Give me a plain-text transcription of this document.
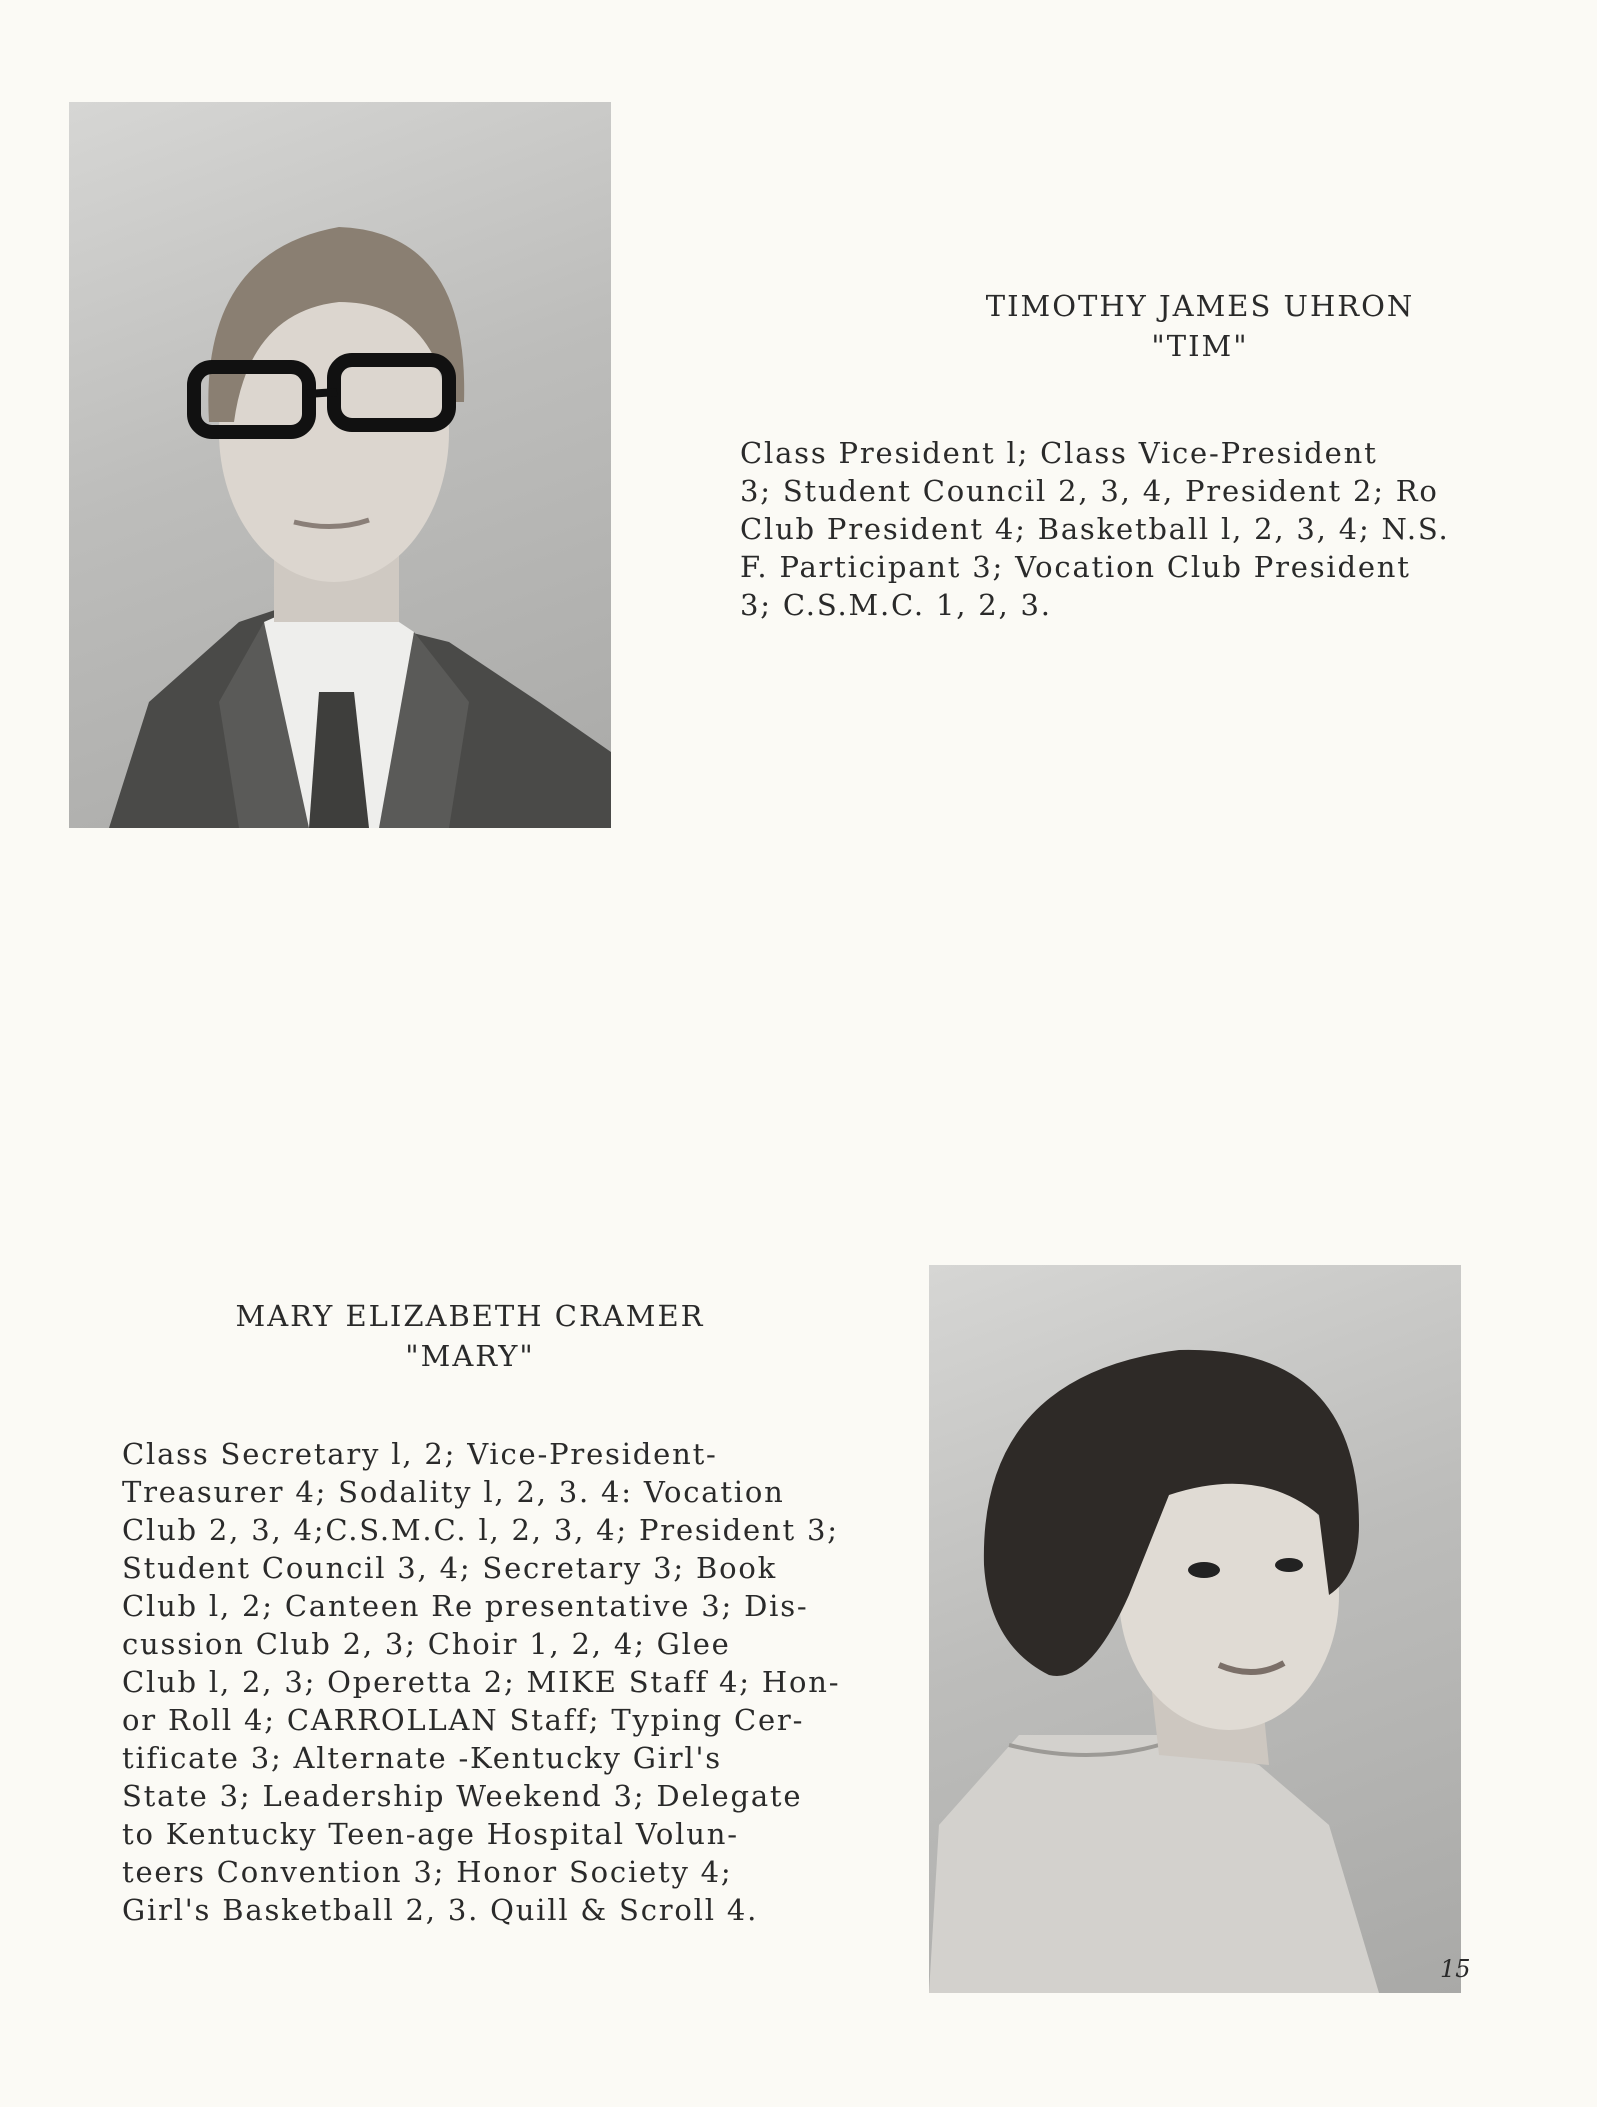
TIMOTHY JAMES UHRON
"TIM"
Class President l; Class Vice-President
3; Student Council 2, 3, 4, President 2; Ro
Club President 4; Basketball l, 2, 3, 4; N.S.
F. Participant 3; Vocation Club President
3; C.S.M.C. 1, 2, 3.
MARY ELIZABETH CRAMER
"MARY"
Class Secretary l, 2; Vice-President-
Treasurer 4; Sodality l, 2, 3. 4: Vocation
Club 2, 3, 4;C.S.M.C. l, 2, 3, 4; President 3;
Student Council 3, 4; Secretary 3; Book
Club l, 2; Canteen Re presentative 3; Dis-
cussion Club 2, 3; Choir 1, 2, 4; Glee
Club l, 2, 3; Operetta 2; MIKE Staff 4; Hon-
or Roll 4; CARROLLAN Staff; Typing Cer-
tificate 3; Alternate -Kentucky Girl's
State 3; Leadership Weekend 3; Delegate
to Kentucky Teen-age Hospital Volun-
teers Convention 3; Honor Society 4;
Girl's Basketball 2, 3. Quill & Scroll 4.
15
